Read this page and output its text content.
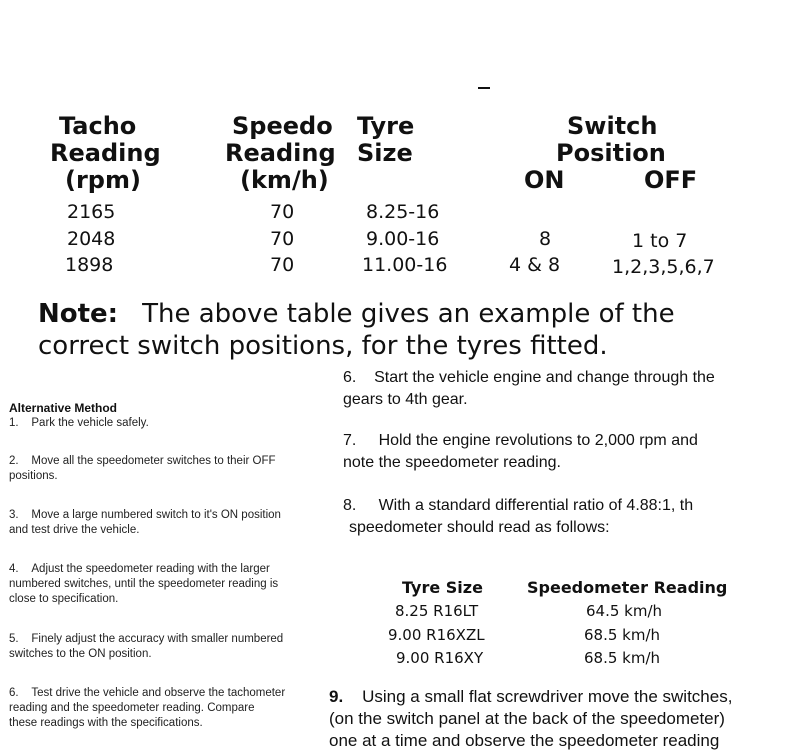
Tacho
Reading
(rpm)
Speedo
Reading
(km/h)
Tyre
Size
Switch
Position
ON	OFF
2165	70	8.25-16
2048	70	9.00-16	8	1 to 7
1898	70	11.00-16	4 & 8	1,2,3,5,6,7
Note: The above table gives an example of the
correct switch positions, for the tyres fitted.
Alternative Method
1. Park the vehicle safely.
2. Move all the speedometer switches to their OFF
positions.
3. Move a large numbered switch to it's ON position
and test drive the vehicle.
4. Adjust the speedometer reading with the larger
numbered switches, until the speedometer reading is
close to specification.
5. Finely adjust the accuracy with smaller numbered
switches to the ON position.
6. Test drive the vehicle and observe the tachometer
reading and the speedometer reading. Compare
these readings with the specifications.
6. Start the vehicle engine and change through the
gears to 4th gear.
7. Hold the engine revolutions to 2,000 rpm and
note the speedometer reading.
8. With a standard differential ratio of 4.88:1, th
speedometer should read as follows:
Tyre Size	Speedometer Reading
8.25 R16LT	64.5 km/h
9.00 R16XZL	68.5 km/h
9.00 R16XY	68.5 km/h
9. Using a small flat screwdriver move the switches,
(on the switch panel at the back of the speedometer)
one at a time and observe the speedometer reading
